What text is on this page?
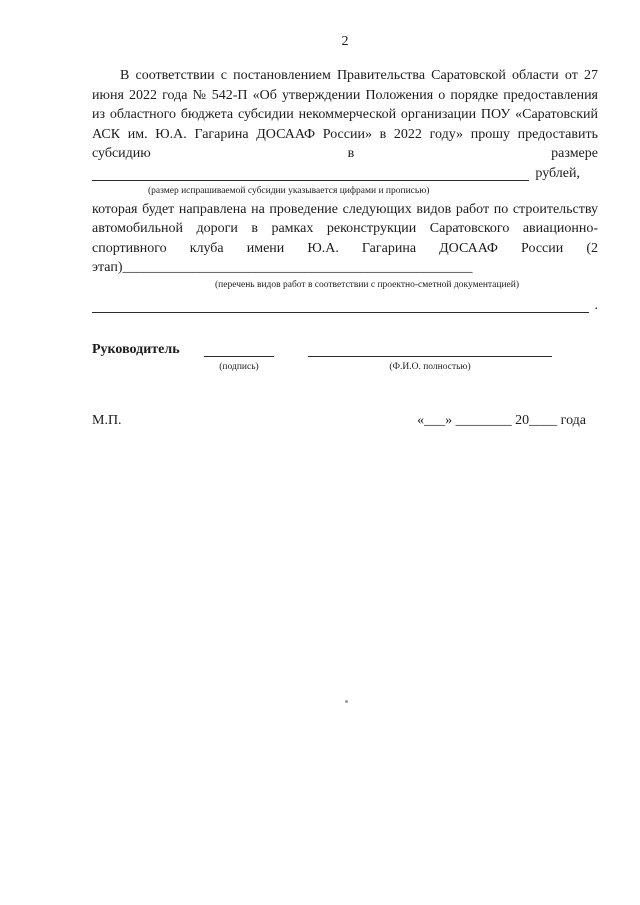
2

В соответствии с постановлением Правительства Саратовской области от 27 июня 2022 года № 542-П «Об утверждении Положения о порядке предоставления из областного бюджета субсидии некоммерческой организации ПОУ «Саратовский АСК им. Ю.А. Гагарина ДОСААФ России» в 2022 году» прошу предоставить субсидию в размере

рублей,
(размер испрашиваемой субсидии указывается цифрами и прописью)

которая будет направлена на проведение следующих видов работ по строительству автомобильной дороги в рамках реконструкции Саратовского авиационно-спортивного клуба имени Ю.А. Гагарина ДОСААФ России (2 этап)__________________________________________________

(перечень видов работ в соответствии с проектно-сметной документацией)
.
Руководитель
(подпись)	(Ф.И.О. полностью)
М.П.	«___» ________ 20____ года
